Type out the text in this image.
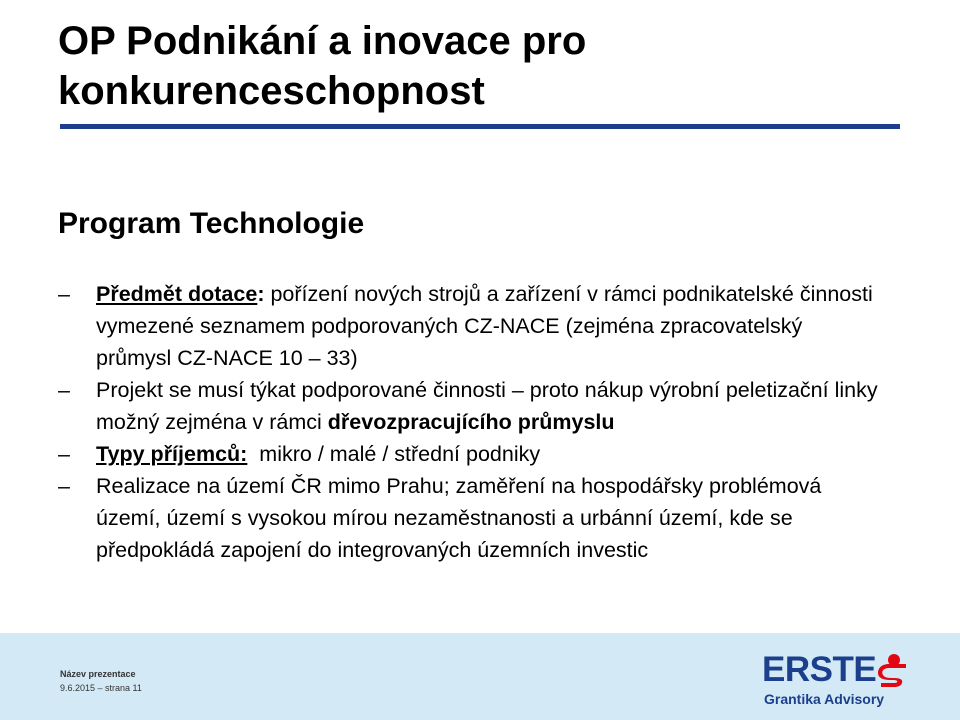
OP Podnikání a inovace pro konkurenceschopnost
Program Technologie
– Předmět dotace: pořízení nových strojů a zařízení v rámci podnikatelské činnosti vymezené seznamem podporovaných CZ-NACE (zejména zpracovatelský průmysl CZ-NACE 10 – 33)
– Projekt se musí týkat podporované činnosti – proto nákup výrobní peletizační linky možný zejména v rámci dřevozpracujícího průmyslu
– Typy příjemců:  mikro / malé / střední podniky
– Realizace na území ČR mimo Prahu; zaměření na hospodářsky problémová území, území s vysokou mírou nezaměstnanosti a urbánní území, kde se předpokládá zapojení do integrovaných územních investic
Název prezentace
9.6.2015 – strana 11	ERSTE
Grantika Advisory
